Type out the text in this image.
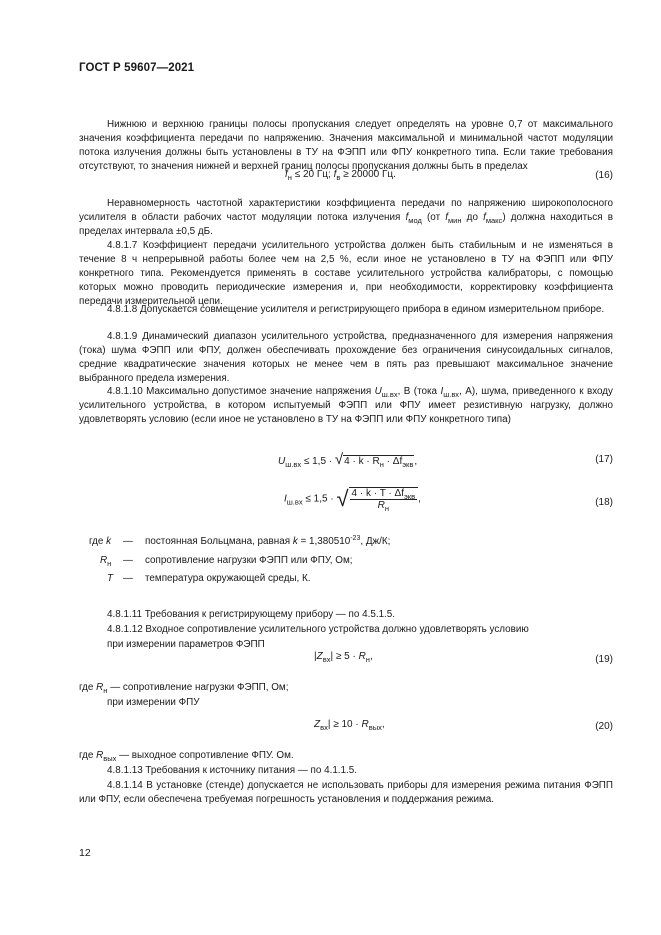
ГОСТ Р 59607—2021

Нижнюю и верхнюю границы полосы пропускания следует определять на уровне 0,7 от максимального значения коэффициента передачи по напряжению. Значения максимальной и минимальной частот модуляции потока излучения должны быть установлены в ТУ на ФЭПП или ФПУ конкретного типа. Если такие требования отсутствуют, то значения нижней и верхней границ полосы пропускания должны быть в пределах

$f_н \le 20$ Гц; $f_в \ge 20000$ Гц.	(16)

Неравномерность частотной характеристики коэффициента передачи по напряжению широкополосного усилителя в области рабочих частот модуляции потока излучения $f_{мод}$ (от $f_{мин}$ до $f_{макс}$) должна находиться в пределах интервала ±0,5 дБ.

4.8.1.7 Коэффициент передачи усилительного устройства должен быть стабильным и не изменяться в течение 8 ч непрерывной работы более чем на 2,5 %, если иное не установлено в ТУ на ФЭПП или ФПУ конкретного типа. Рекомендуется применять в составе усилительного устройства калибраторы, с помощью которых можно проводить периодические измерения и, при необходимости, корректировку коэффициента передачи измерительной цепи.

4.8.1.8 Допускается совмещение усилителя и регистрирующего прибора в едином измерительном приборе.

4.8.1.9 Динамический диапазон усилительного устройства, предназначенного для измерения напряжения (тока) шума ФЭПП или ФПУ, должен обеспечивать прохождение без ограничения синусоидальных сигналов, средние квадратические значения которых не менее чем в пять раз превышают максимальное значение выбранного предела измерения.

4.8.1.10 Максимально допустимое значение напряжения $U_{ш.вх}$, В (тока $I_{ш.вх}$, А), шума, приведенного к входу усилительного устройства, в котором испытуемый ФЭПП или ФПУ имеет резистивную нагрузку, должно удовлетворять условию (если иное не установлено в ТУ на ФЭПП или ФПУ конкретного типа)

$U_{ш.вх} \le 1,5 \cdot √4 \cdot k \cdot R_н \cdot \Delta f_{экв}$,	(17)
$I_{ш.вх} \le 1,5$ · √ $\frac{4 \cdot k \cdot T \cdot \Delta f_{экв}}{R_н}$ ,	(18)
где k — постоянная Больцмана, равная $k = 1,380510^{-23}$, Дж/К;
$R_н$ — сопротивление нагрузки ФЭПП или ФПУ, Ом;
T — температура окружающей среды, К.
4.8.1.11 Требования к регистрирующему прибору — по 4.5.1.5.
4.8.1.12 Входное сопротивление усилительного устройства должно удовлетворять условию
при измерении параметров ФЭПП
$|Z_{вх}| \ge 5 \cdot R_н$,	(19)
где $R_н$ — сопротивление нагрузки ФЭПП, Ом;
при измерении ФПУ
$Z_{вх}| \ge 10 \cdot R_{вых}$,	(20)
где $R_{вых}$ — выходное сопротивление ФПУ. Ом.
4.8.1.13 Требования к источнику питания — по 4.1.1.5.

4.8.1.14 В установке (стенде) допускается не использовать приборы для измерения режима питания ФЭПП или ФПУ, если обеспечена требуемая погрешность установления и поддержания режима.

12
